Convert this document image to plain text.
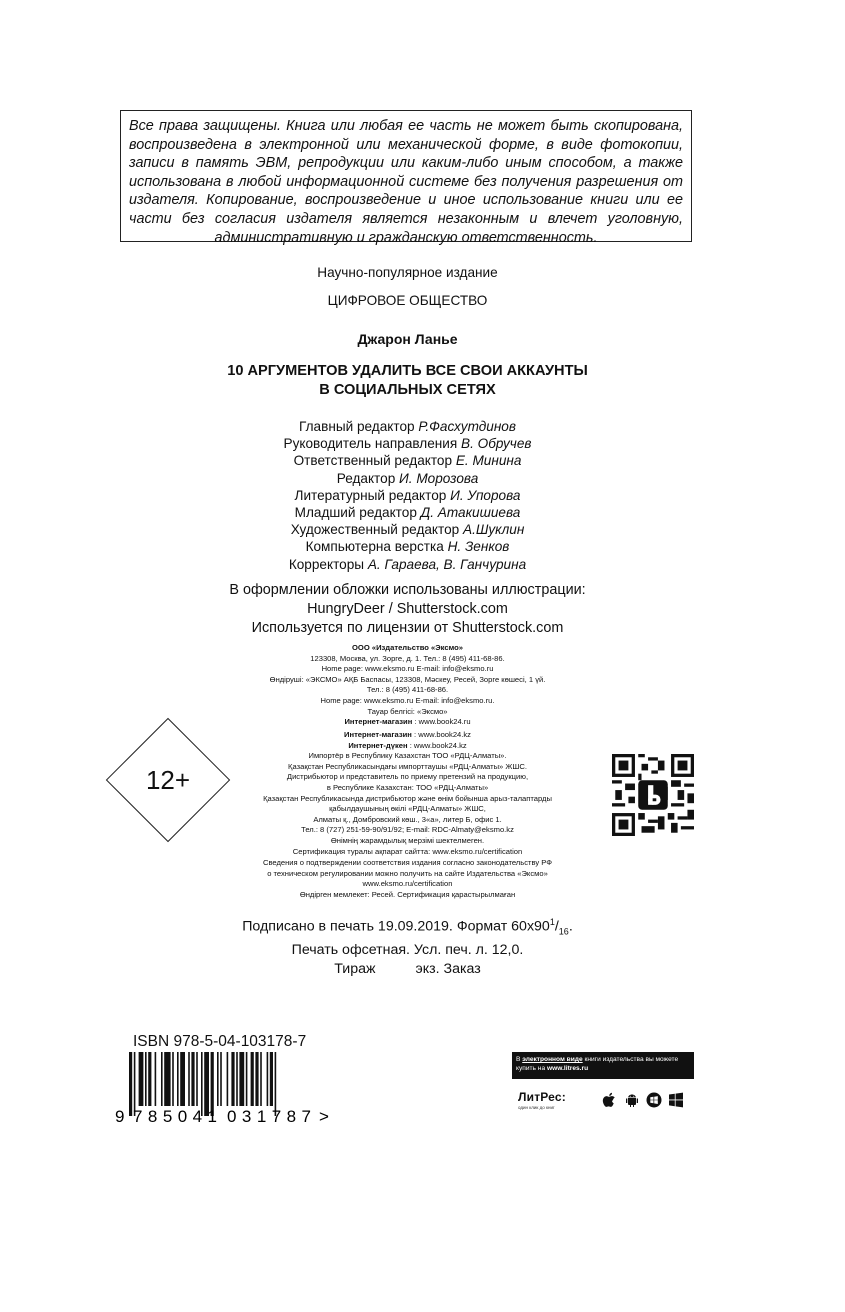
Все права защищены. Книга или любая ее часть не может быть скопирована, воспроизведена в электронной или механической форме, в виде фотокопии, записи в память ЭВМ, репродукции или каким-либо иным способом, а также использована в любой информационной системе без получения разрешения от издателя. Копирование, воспроизведение и иное использование книги или ее части без согласия издателя является незаконным и влечет уголовную, административную и гражданскую ответственность.
Научно-популярное издание
ЦИФРОВОЕ ОБЩЕСТВО
Джарон Ланье
10 АРГУМЕНТОВ УДАЛИТЬ ВСЕ СВОИ АККАУНТЫ
В СОЦИАЛЬНЫХ СЕТЯХ
Главный редактор Р.Фасхутдинов
Руководитель направления В. Обручев
Ответственный редактор Е. Минина
Редактор И. Морозова
Литературный редактор И. Упорова
Младший редактор Д. Атакишиева
Художественный редактор А.Шуклин
Компьютерна верстка Н. Зенков
Корректоры А. Гараева, В. Ганчурина
В оформлении обложки использованы иллюстрации:
HungryDeer / Shutterstock.com
Используется по лицензии от Shutterstock.com
ООО «Издательство «Эксмо»
123308, Москва, ул. Зорге, д. 1. Тел.: 8 (495) 411-68-86.
Home page: www.eksmo.ru E-mail: info@eksmo.ru
Өндіруші: «ЭКСМО» АҚБ Баспасы, 123308, Мәскеу, Ресей, Зорге көшесі, 1 үй.
Тел.: 8 (495) 411-68-86.
Home page: www.eksmo.ru E-mail: info@eksmo.ru.
Тауар белгісі: «Эксмо»
Интернет-магазин : www.book24.ru
Интернет-магазин : www.book24.kz
Интернет-дүкен : www.book24.kz
Импортёр в Республику Казахстан ТОО «РДЦ-Алматы».
Қазақстан Республикасындағы импорттаушы «РДЦ-Алматы» ЖШС.
Дистрибьютор и представитель по приему претензий на продукцию,
в Республике Казахстан: ТОО «РДЦ-Алматы»
Қазақстан Республикасында дистрибьютор және өнім бойынша арыз-талаптарды
қабылдаушының өкілі «РДЦ-Алматы» ЖШС,
Алматы қ., Домбровский көш., 3«а», литер Б, офис 1.
Тел.: 8 (727) 251-59-90/91/92; E-mail: RDC-Almaty@eksmo.kz
Өнімнің жарамдылық мерзімі шектелмеген.
Сертификация туралы ақпарат сайтта: www.eksmo.ru/certification
Сведения о подтверждении соответствия издания согласно законодательству РФ
о техническом регулировании можно получить на сайте Издательства «Эксмо»
www.eksmo.ru/certification
Өндірген мемлекет: Ресей. Сертификация қарастырылмаған
12+
Подписано в печать 19.09.2019. Формат $60x90^1/_{16}$.
Печать офсетная. Усл. печ. л. 12,0.
Тираж	экз. Заказ
ISBN 978-5-04-103178-7
9 785041 031787 >
В электронном виде книги издательства вы можете
купить на www.litres.ru
ЛитРес:
один клик до книг
